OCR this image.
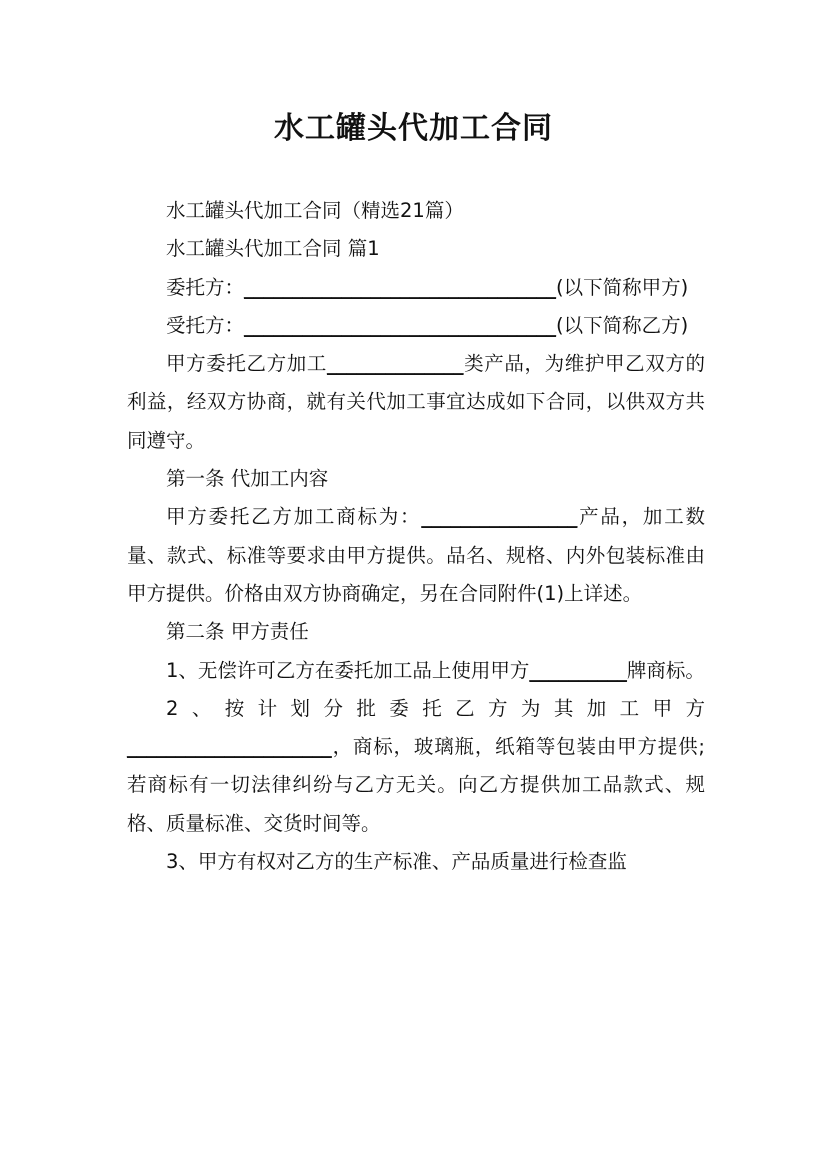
水工罐头代加工合同

水工罐头代加工合同（精选21篇）

水工罐头代加工合同 篇1

委托方：________________________________(以下简称甲方)

受托方：________________________________(以下简称乙方)

甲方委托乙方加工______________类产品，为维护甲乙双方的利益，经双方协商，就有关代加工事宜达成如下合同，以供双方共同遵守。

第一条 代加工内容

甲方委托乙方加工商标为：________________产品，加工数量、款式、标准等要求由甲方提供。品名、规格、内外包装标准由甲方提供。价格由双方协商确定，另在合同附件(1)上详述。

第二条 甲方责任

1、无偿许可乙方在委托加工品上使用甲方__________牌商标。

2、按计划分批委托乙方为其加工甲方_____________________，商标，玻璃瓶，纸箱等包装由甲方提供;若商标有一切法律纠纷与乙方无关。向乙方提供加工品款式、规格、质量标准、交货时间等。

3、甲方有权对乙方的生产标准、产品质量进行检查监
